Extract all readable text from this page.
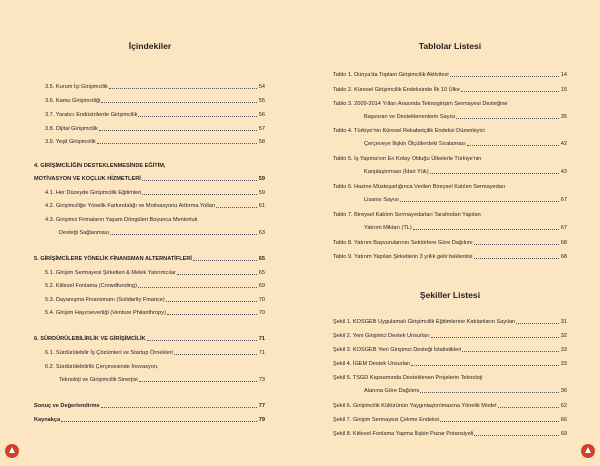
İçindekiler
3.5. Kurum İçi Girişimcilik	54
3.6. Kamu Girişimciliği	55
3.7. Yaratıcı Endüstrilerde Girişimcilik	56
3.8. Dijital Girişimcilik	57
3.9. Yeşil Girişimcilik	58
4. GİRİŞİMCİLİĞİN DESTEKLENMESİNDE EĞİTİM,
MOTİVASYON VE KOÇLUK HİZMETLERİ	59
4.1. Her Düzeyde Girişimcilik Eğitimleri	59
4.2. Girişimciliğe Yönelik Farkındalığı ve Motivasyonu Arttırma Yolları	61
4.3. Girişimci Firmaların Yaşam Döngüleri Boyunca Mentorluk
Desteği Sağlanması	63
5. GİRİŞİMCİLERE YÖNELİK FİNANSMAN ALTERNATİFLERİ	65
5.1. Girişim Sermayesi Şirketleri & Melek Yatırımcılar	65
5.2. Kitlesel Fonlama (Crowdfunding)	69
5.3. Dayanışma Finansmanı (Solidarity Finance)	70
5.4. Girişim Hayırseverliği (Venture Philanthropy)	70
6. SÜRDÜRÜLEBİLİRLİK VE GİRİŞİMCİLİK	71
6.1. Sürdürülebilir İş Çözümleri ve Startup Örnekleri	71
6.2. Sürdürülebilirlik Çerçevesinde İnovasyon,
Teknoloji ve Girişimcilik Sinerjisi	73
Sonuç ve Değerlendirme	77
Kaynakça	79
Tablolar Listesi
Tablo 1. Dünya'da Toplam Girişimcilik Aktivitesi	14
Tablo 2. Küresel Girişimcilik Endeksinde İlk 10 Ülke	15
Tablo 3. 2009-2014 Yılları Arasında Teknogirişim Sermayesi Desteğine
Başvuran ve Desteklenenlerin Sayısı	35
Tablo 4. Türkiye'nin Küresel Rekabetçilik Endeksi Düzenleyici
Çerçeveye İlişkin Ölçütlerdeki Sıralaması	42
Tablo 5. İş Yapma'nın En Kolay Olduğu Ülkelerle Türkiye'nin
Karşılaştırması (İdari Yük)	43
Tablo 6. Hazine Müsteşarlığınca Verilen Bireysel Katılım Sermayedarı
Lisansı Sayısı	67
Tablo 7. Bireysel Katılım Sermayedarları Tarafından Yapılan
Yatırım Miktarı (TL)	67
Tablo 8. Yatırım Başvurularının Sektörlere Göre Dağılımı	68
Tablo 9. Yatırım Yapılan Şirketlerin 3 yıllık gelir beklentisi	68
Şekiller Listesi
Şekil 1. KOSGEB Uygulamalı Girişimcilik Eğitimlerine Katılanların Sayıları	31
Şekil 2. Yeni Girişimci Destek Unsurları	32
Şekil 3. KOSGEB Yeni Girişimci Desteği İstatistikleri	33
Şekil 4. İGEM Destek Unsurları	33
Şekil 5. TSGD Kapsamında Desteklenen Projelerin Teknoloji
Alanına Göre Dağılımı	36
Şekil 6. Girişimcilik Kültürünün Yaygınlaştırılmasına Yönelik Model	62
Şekil 7. Girişim Sermayesi Çekme Endeksi	66
Şekil 8. Kitlesel Fonlama Yapma İlişkin Pazar Potansiyeli	69
